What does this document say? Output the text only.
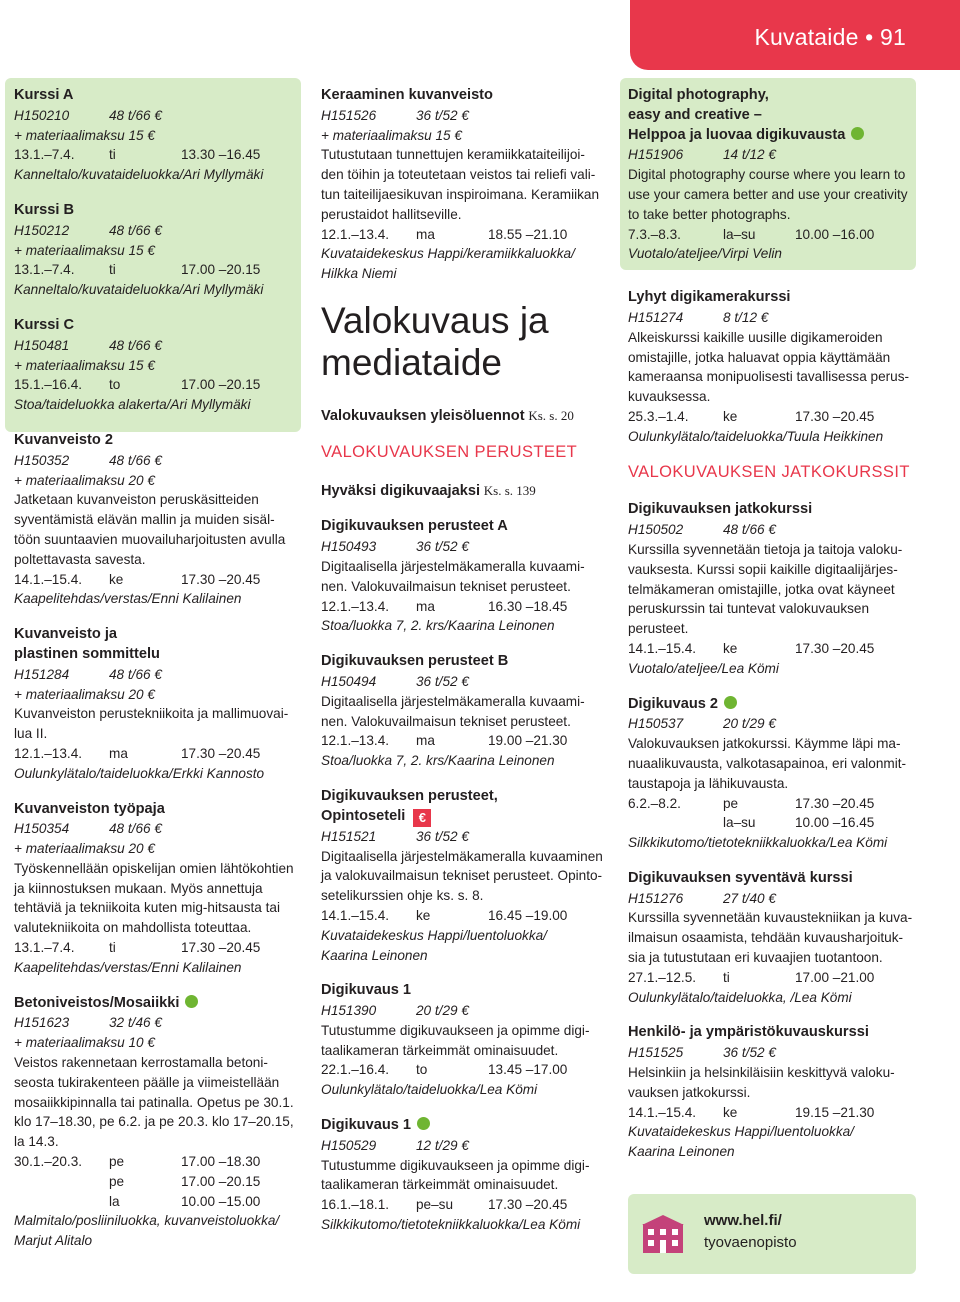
Kuvataide • 91
Kurssi A
H150210	48 t/66 €
+ materiaalimaksu 15 €
13.1.–7.4.	ti	13.30 –16.45
Kanneltalo/kuvataideluokka/Ari Myllymäki
Kurssi B
H150212	48 t/66 €
+ materiaalimaksu 15 €
13.1.–7.4.	ti	17.00 –20.15
Kanneltalo/kuvataideluokka/Ari Myllymäki
Kurssi C
H150481	48 t/66 €
+ materiaalimaksu 15 €
15.1.–16.4.	to	17.00 –20.15
Stoa/taideluokka alakerta/Ari Myllymäki
Kuvanveisto 2
H150352	48 t/66 €
+ materiaalimaksu 20 €
Jatketaan kuvanveiston peruskäsitteiden
syventämistä elävän mallin ja muiden sisäl-
töön suuntaavien muovailuharjoitusten avulla
poltettavasta savesta.
14.1.–15.4.	ke	17.30 –20.45
Kaapelitehdas/verstas/Enni Kalilainen
Kuvanveisto ja
plastinen sommittelu
H151284	48 t/66 €
+ materiaalimaksu 20 €
Kuvanveiston perustekniikoita ja mallimuovai-
lua II.
12.1.–13.4.	ma	17.30 –20.45
Oulunkylätalo/taideluokka/Erkki Kannosto
Kuvanveiston työpaja
H150354	48 t/66 €
+ materiaalimaksu 20 €
Työskennellään opiskelijan omien lähtökohtien
ja kiinnostuksen mukaan. Myös annettuja
tehtäviä ja tekniikoita kuten mig-hitsausta tai
valutekniikoita on mahdollista toteuttaa.
13.1.–7.4.	ti	17.30 –20.45
Kaapelitehdas/verstas/Enni Kalilainen
Betoniveistos/Mosaiikki
H151623	32 t/46 €
+ materiaalimaksu 10 €
Veistos rakennetaan kerrostamalla betoni-
seosta tukirakenteen päälle ja viimeistellään
mosaiikkipinnalla tai patinalla. Opetus pe 30.1.
klo 17–18.30, pe 6.2. ja pe 20.3. klo 17–20.15,
la 14.3.
30.1.–20.3.	pe	17.00 –18.30
pe	17.00 –20.15
la	10.00 –15.00
Malmitalo/posliiniluokka, kuvanveistoluokka/
Marjut Alitalo
Keraaminen kuvanveisto
H151526	36 t/52 €
+ materiaalimaksu 15 €
Tutustutaan tunnettujen keramiikkataiteilijoi-
den töihin ja toteutetaan veistos tai reliefi vali-
tun taiteilijaesikuvan inspiroimana. Keramiikan
perustaidot hallitseville.
12.1.–13.4.	ma	18.55 –21.10
Kuvataidekeskus Happi/keramiikkaluokka/
Hilkka Niemi
Valokuvaus ja
mediataide
Valokuvauksen yleisöluennot Ks. s. 20
VALOKUVAUKSEN PERUSTEET
Hyväksi digikuvaajaksi Ks. s. 139
Digikuvauksen perusteet A
H150493	36 t/52 €
Digitaalisella järjestelmäkameralla kuvaami-
nen. Valokuvailmaisun tekniset perusteet.
12.1.–13.4.	ma	16.30 –18.45
Stoa/luokka 7, 2. krs/Kaarina Leinonen
Digikuvauksen perusteet B
H150494	36 t/52 €
Digitaalisella järjestelmäkameralla kuvaami-
nen. Valokuvailmaisun tekniset perusteet.
12.1.–13.4.	ma	19.00 –21.30
Stoa/luokka 7, 2. krs/Kaarina Leinonen
Digikuvauksen perusteet,
Opintoseteli €
H151521	36 t/52 €
Digitaalisella järjestelmäkameralla kuvaaminen
ja valokuvailmaisun tekniset perusteet. Opinto-
setelikurssien ohje ks. s. 8.
14.1.–15.4.	ke	16.45 –19.00
Kuvataidekeskus Happi/luentoluokka/
Kaarina Leinonen
Digikuvaus 1
H151390	20 t/29 €
Tutustumme digikuvaukseen ja opimme digi-
taalikameran tärkeimmät ominaisuudet.
22.1.–16.4.	to	13.45 –17.00
Oulunkylätalo/taideluokka/Lea Kömi
Digikuvaus 1
H150529	12 t/29 €
Tutustumme digikuvaukseen ja opimme digi-
taalikameran tärkeimmät ominaisuudet.
16.1.–18.1.	pe–su	17.30 –20.45
Silkkikutomo/tietotekniikkaluokka/Lea Kömi
Digital photography,
easy and creative –
Helppoa ja luovaa digikuvausta
H151906	14 t/12 €
Digital photography course where you learn to
use your camera better and use your creativity
to take better photographs.
7.3.–8.3.	la–su	10.00 –16.00
Vuotalo/ateljee/Virpi Velin
Lyhyt digikamerakurssi
H151274	8 t/12 €
Alkeiskurssi kaikille uusille digikameroiden
omistajille, jotka haluavat oppia käyttämään
kameraansa monipuolisesti tavallisessa perus-
kuvauksessa.
25.3.–1.4.	ke	17.30 –20.45
Oulunkylätalo/taideluokka/Tuula Heikkinen
VALOKUVAUKSEN JATKOKURSSIT
Digikuvauksen jatkokurssi
H150502	48 t/66 €
Kurssilla syvennetään tietoja ja taitoja valoku-
vauksesta. Kurssi sopii kaikille digitaalijärjes-
telmäkameran omistajille, jotka ovat käyneet
peruskurssin tai tuntevat valokuvauksen
perusteet.
14.1.–15.4.	ke	17.30 –20.45
Vuotalo/ateljee/Lea Kömi
Digikuvaus 2
H150537	20 t/29 €
Valokuvauksen jatkokurssi. Käymme läpi ma-
nuaalikuvausta, valkotasapainoa, eri valonmit-
taustapoja ja lähikuvausta.
6.2.–8.2.	pe	17.30 –20.45
la–su	10.00 –16.45
Silkkikutomo/tietotekniikkaluokka/Lea Kömi
Digikuvauksen syventävä kurssi
H151276	27 t/40 €
Kurssilla syvennetään kuvaustekniikan ja kuva-
ilmaisun osaamista, tehdään kuvausharjoituk-
sia ja tutustutaan eri kuvaajien tuotantoon.
27.1.–12.5.	ti	17.00 –21.00
Oulunkylätalo/taideluokka, /Lea Kömi
Henkilö- ja ympäristökuvauskurssi
H151525	36 t/52 €
Helsinkiin ja helsinkiläisiin keskittyvä valoku-
vauksen jatkokurssi.
14.1.–15.4.	ke	19.15 –21.30
Kuvataidekeskus Happi/luentoluokka/
Kaarina Leinonen
www.hel.fi/
tyovaenopisto
